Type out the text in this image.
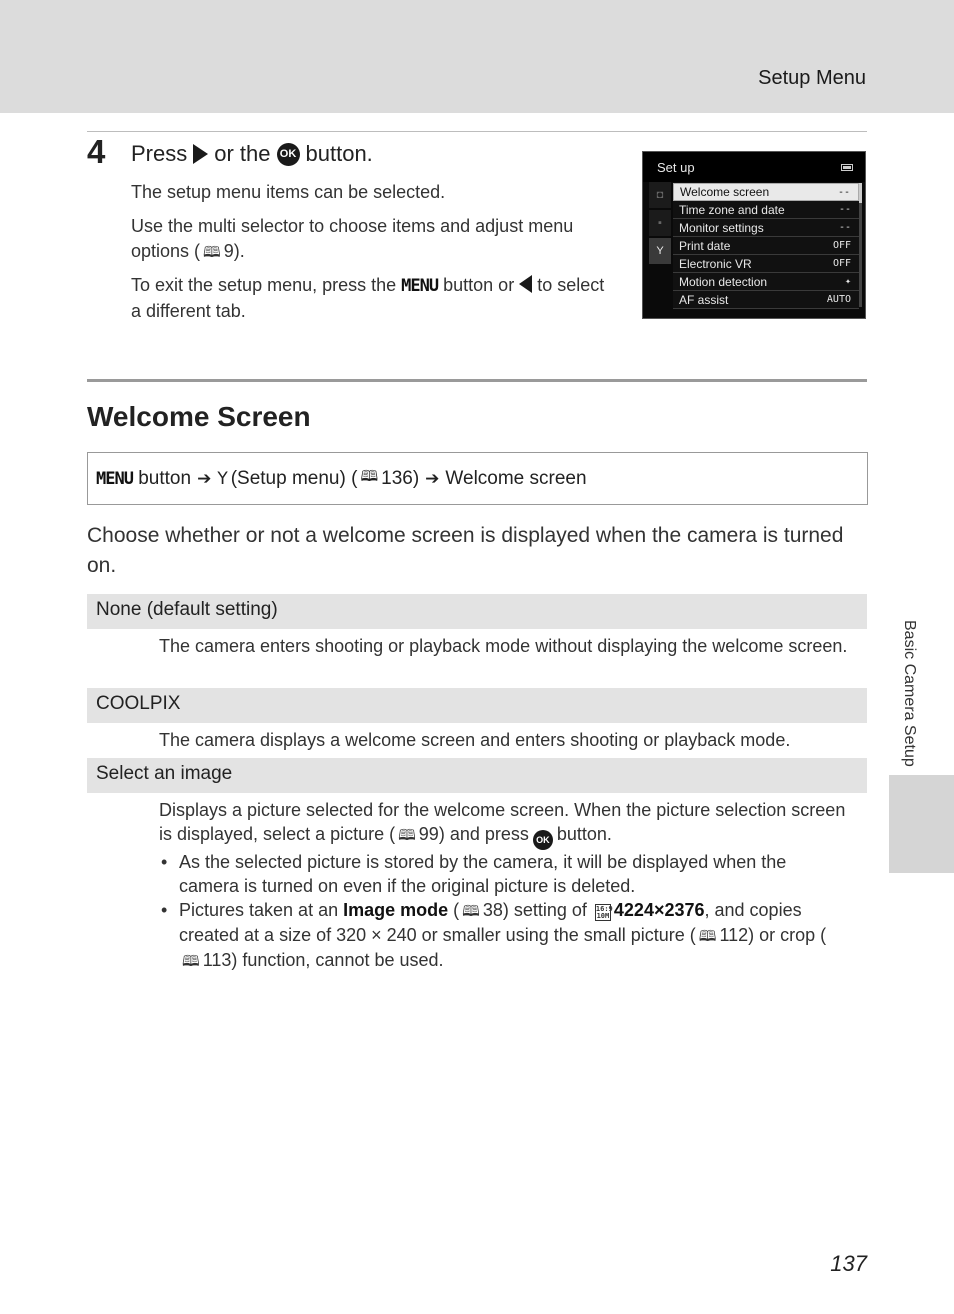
Setup Menu
4 Press or the OK button.
The setup menu items can be selected.
Use the multi selector to choose items and adjust menu options ( 🕮 9).
To exit the setup menu, press the MENU button or to select a different tab.
Set up
◘
▪
Y
Welcome screen	--
Time zone and date	--
Monitor settings	--
Print date	OFF
Electronic VR	OFF
Motion detection	✦
AF assist	AUTO
Welcome Screen
MENU
button ➔ Y (Setup menu) ( 🕮 136) ➔ Welcome screen
Choose whether or not a welcome screen is displayed when the camera is turned on.
None (default setting)
The camera enters shooting or playback mode without displaying the welcome screen.
COOLPIX
The camera displays a welcome screen and enters shooting or playback mode.
Select an image
Displays a picture selected for the welcome screen. When the picture selection screen is displayed, select a picture ( 🕮 99) and press OK button.
• As the selected picture is stored by the camera, it will be displayed when the camera is turned on even if the original picture is deleted.
• Pictures taken at an Image mode ( 🕮 38) setting of 16:9
10M 4224×2376, and copies created at a size of 320 × 240 or smaller using the small picture ( 🕮 112) or crop (🕮 113) function, cannot be used.
Basic Camera Setup
137
